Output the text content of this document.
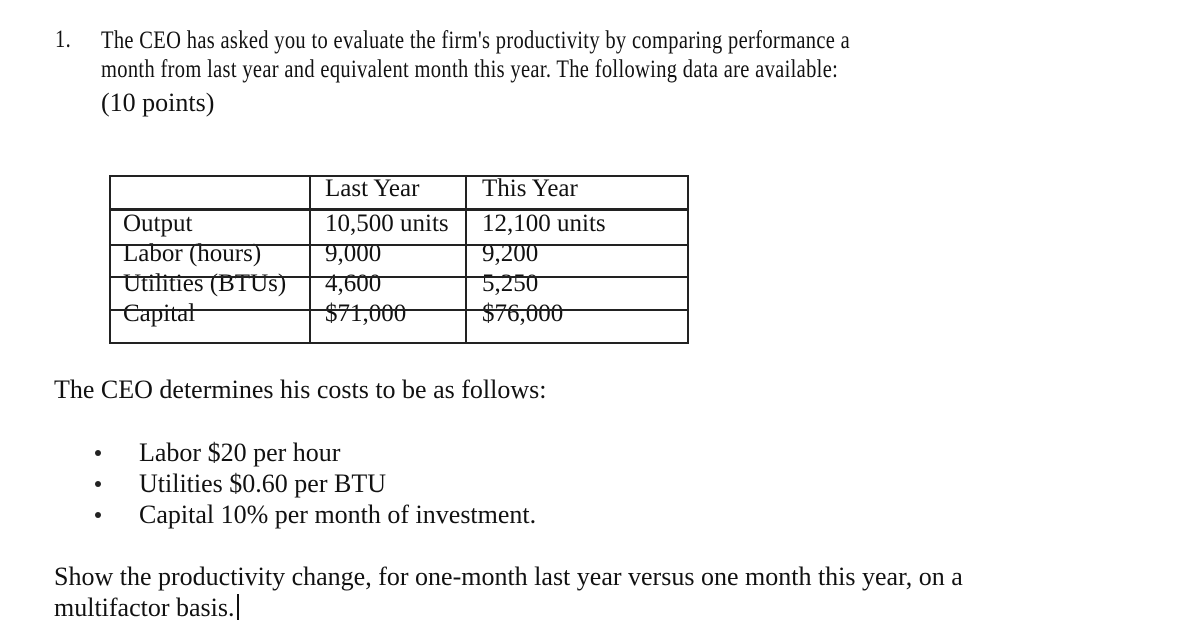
1. The CEO has asked you to evaluate the firm's productivity by comparing performance a
month from last year and equivalent month this year. The following data are available:
(10 points)
	Last Year	This Year
Output	10,500 units	12,100 units
Labor (hours)	9,000	9,200
Utilities (BTUs)	4,600	5,250
Capital	$71,000	$76,000
The CEO determines his costs to be as follows:
Labor $20 per hour
Utilities $0.60 per BTU
Capital 10% per month of investment.
Show the productivity change, for one-month last year versus one month this year, on a multifactor basis.
